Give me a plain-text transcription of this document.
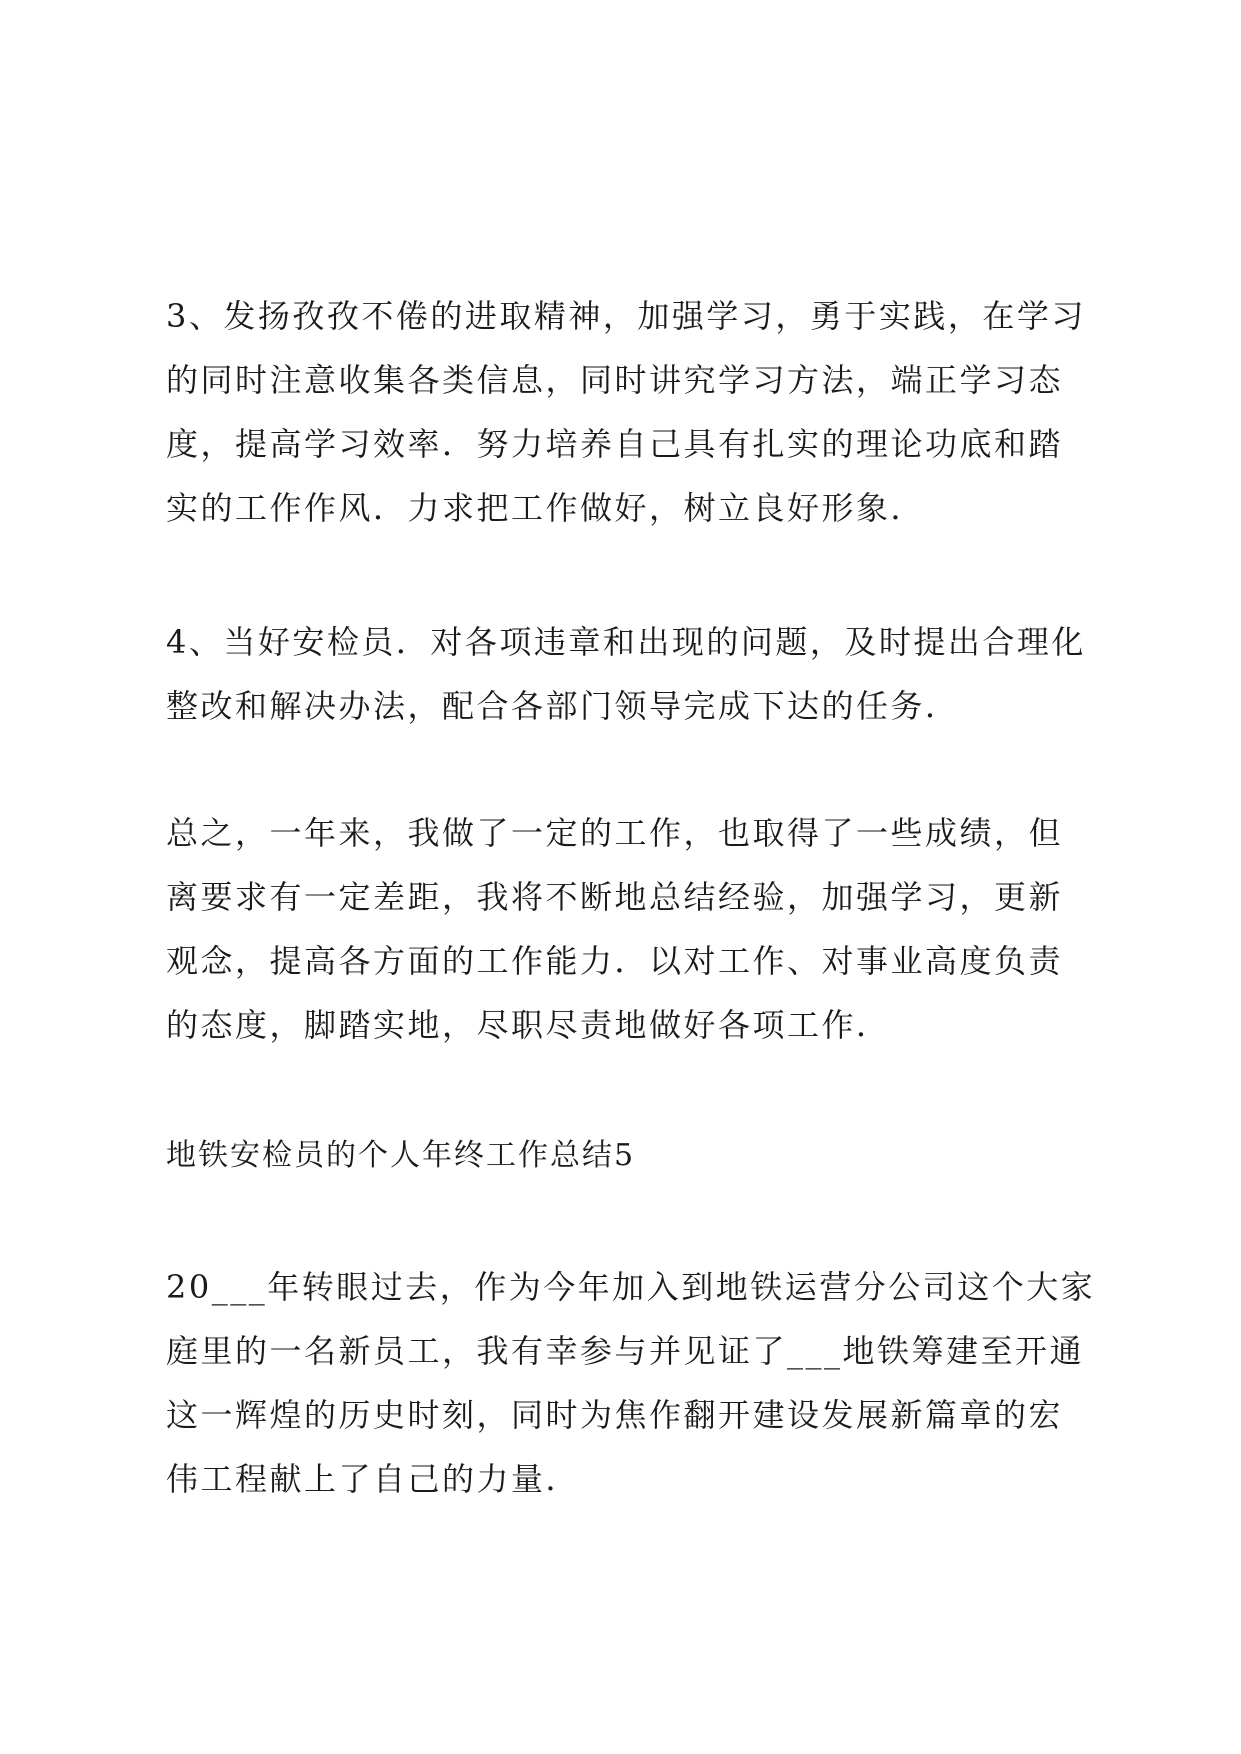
3、发扬孜孜不倦的进取精神，加强学习，勇于实践，在学习的同时注意收集各类信息，同时讲究学习方法，端正学习态度，提高学习效率．努力培养自己具有扎实的理论功底和踏实的工作作风．力求把工作做好，树立良好形象．

4、当好安检员．对各项违章和出现的问题，及时提出合理化整改和解决办法，配合各部门领导完成下达的任务．

总之，一年来，我做了一定的工作，也取得了一些成绩，但离要求有一定差距，我将不断地总结经验，加强学习，更新观念，提高各方面的工作能力．以对工作、对事业高度负责的态度，脚踏实地，尽职尽责地做好各项工作．

地铁安检员的个人年终工作总结5

20___年转眼过去，作为今年加入到地铁运营分公司这个大家庭里的一名新员工，我有幸参与并见证了___地铁筹建至开通这一辉煌的历史时刻，同时为焦作翻开建设发展新篇章的宏伟工程献上了自己的力量．
